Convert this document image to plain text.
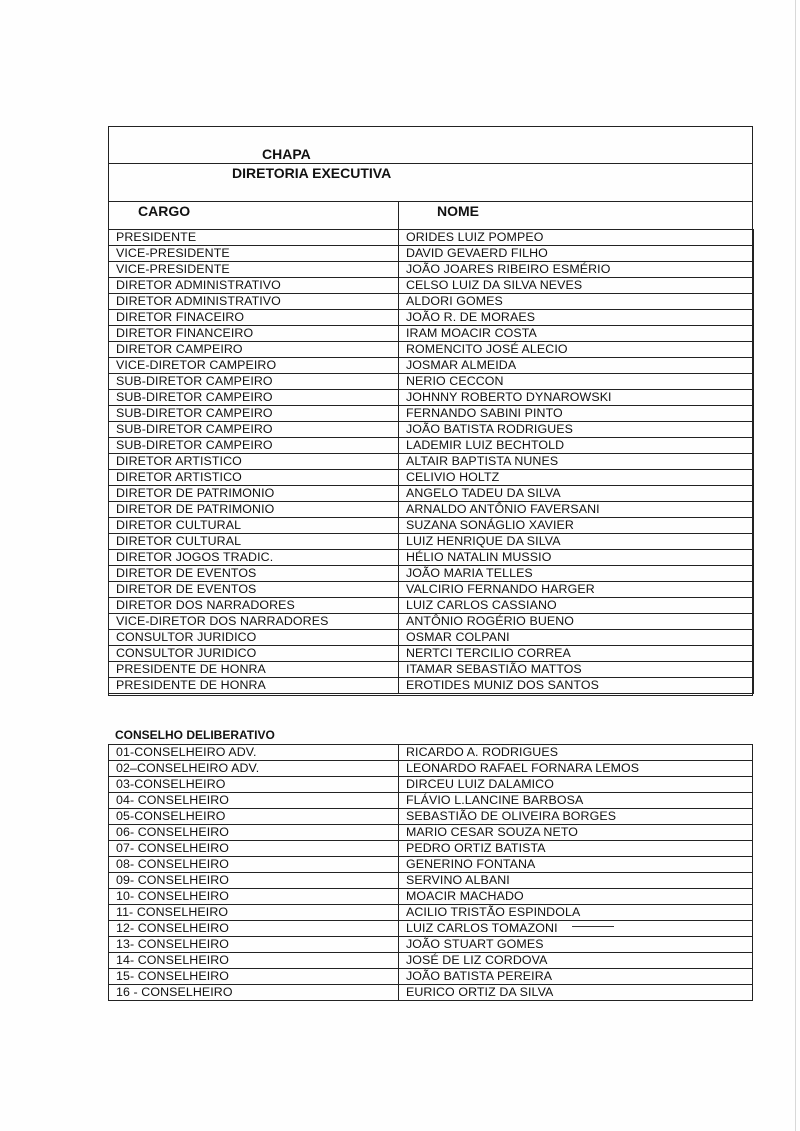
CHAPA
DIRETORIA EXECUTIVA
CARGO	NOME
PRESIDENTE	ORIDES LUIZ POMPEO
VICE-PRESIDENTE	DAVID GEVAERD FILHO
VICE-PRESIDENTE	JOÃO JOARES RIBEIRO ESMÉRIO
DIRETOR ADMINISTRATIVO	CELSO LUIZ DA SILVA NEVES
DIRETOR ADMINISTRATIVO	ALDORI GOMES
DIRETOR FINACEIRO	JOÃO R. DE MORAES
DIRETOR FINANCEIRO	IRAM MOACIR COSTA
DIRETOR CAMPEIRO	ROMENCITO JOSÉ ALECIO
VICE-DIRETOR CAMPEIRO	JOSMAR ALMEIDA
SUB-DIRETOR CAMPEIRO	NERIO CECCON
SUB-DIRETOR CAMPEIRO	JOHNNY ROBERTO DYNAROWSKI
SUB-DIRETOR CAMPEIRO	FERNANDO SABINI PINTO
SUB-DIRETOR CAMPEIRO	JOÃO BATISTA RODRIGUES
SUB-DIRETOR CAMPEIRO	LADEMIR LUIZ BECHTOLD
DIRETOR ARTISTICO	ALTAIR BAPTISTA NUNES
DIRETOR ARTISTICO	CELIVIO HOLTZ
DIRETOR DE PATRIMONIO	ANGELO TADEU DA SILVA
DIRETOR DE PATRIMONIO	ARNALDO ANTÔNIO FAVERSANI
DIRETOR CULTURAL	SUZANA SONÁGLIO XAVIER
DIRETOR CULTURAL	LUIZ HENRIQUE DA SILVA
DIRETOR JOGOS TRADIC.	HÉLIO NATALIN MUSSIO
DIRETOR DE EVENTOS	JOÃO MARIA TELLES
DIRETOR DE EVENTOS	VALCIRIO FERNANDO HARGER
DIRETOR DOS NARRADORES	LUIZ CARLOS CASSIANO
VICE-DIRETOR DOS NARRADORES	ANTÔNIO ROGÉRIO BUENO
CONSULTOR JURIDICO	OSMAR COLPANI
CONSULTOR JURIDICO	NERTCI TERCILIO CORREA
PRESIDENTE DE HONRA	ITAMAR SEBASTIÃO MATTOS
PRESIDENTE DE HONRA	EROTIDES MUNIZ DOS SANTOS
CONSELHO DELIBERATIVO
01-CONSELHEIRO ADV.	RICARDO A. RODRIGUES
02–CONSELHEIRO ADV.	LEONARDO RAFAEL FORNARA LEMOS
03-CONSELHEIRO	DIRCEU LUIZ DALAMICO
04- CONSELHEIRO	FLÁVIO L.LANCINE BARBOSA
05-CONSELHEIRO	SEBASTIÃO DE OLIVEIRA BORGES
06- CONSELHEIRO	MARIO CESAR SOUZA NETO
07- CONSELHEIRO	PEDRO ORTIZ BATISTA
08- CONSELHEIRO	GENERINO FONTANA
09- CONSELHEIRO	SERVINO ALBANI
10- CONSELHEIRO	MOACIR MACHADO
11- CONSELHEIRO	ACILIO TRISTÃO ESPINDOLA
12- CONSELHEIRO	LUIZ CARLOS TOMAZONI
13- CONSELHEIRO	JOÃO STUART GOMES
14- CONSELHEIRO	JOSÉ DE LIZ CORDOVA
15- CONSELHEIRO	JOÃO BATISTA PEREIRA
16 - CONSELHEIRO	EURICO ORTIZ DA SILVA
